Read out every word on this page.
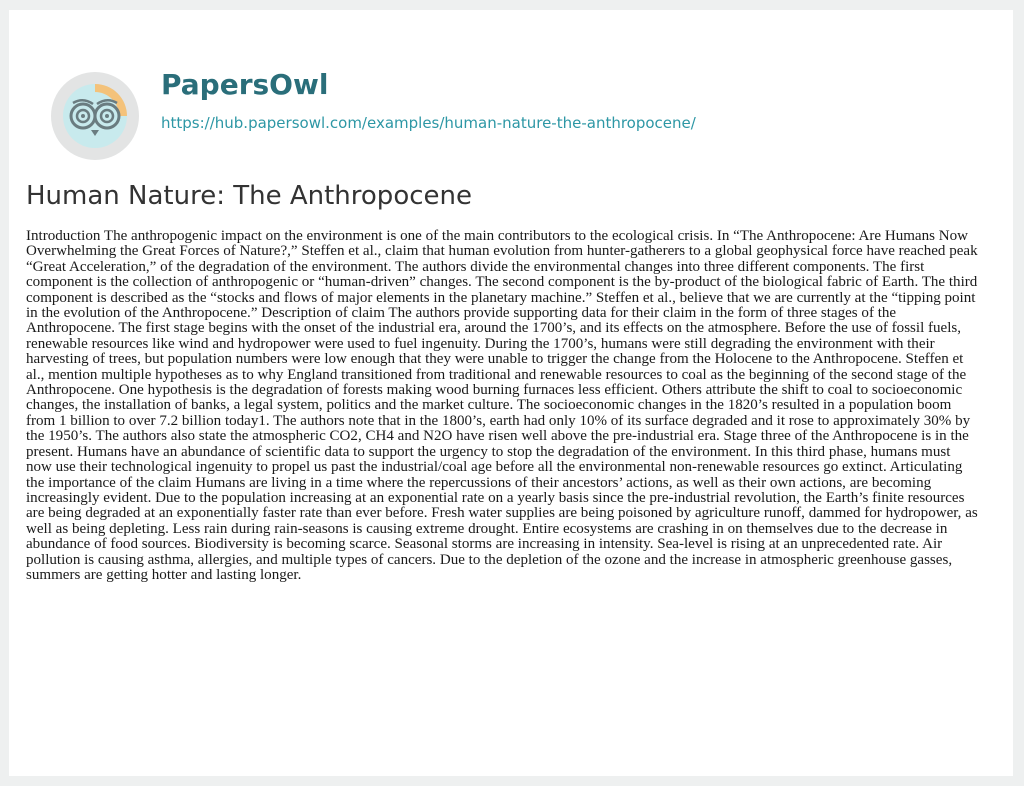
PapersOwl
https://hub.papersowl.com/examples/human-nature-the-anthropocene/
Human Nature: The Anthropocene

Introduction The anthropogenic impact on the environment is one of the main contributors to the ecological crisis. In “The Anthropocene: Are Humans Now Overwhelming the Great Forces of Nature?,” Steffen et al., claim that human evolution from hunter-gatherers to a global geophysical force have reached peak “Great Acceleration,” of the degradation of the environment. The authors divide the environmental changes into three different components. The first component is the collection of anthropogenic or “human-driven” changes. The second component is the by-product of the biological fabric of Earth. The third component is described as the “stocks and flows of major elements in the planetary machine.” Steffen et al., believe that we are currently at the “tipping point in the evolution of the Anthropocene.” Description of claim The authors provide supporting data for their claim in the form of three stages of the Anthropocene. The first stage begins with the onset of the industrial era, around the 1700’s, and its effects on the atmosphere. Before the use of fossil fuels, renewable resources like wind and hydropower were used to fuel ingenuity. During the 1700’s, humans were still degrading the environment with their harvesting of trees, but population numbers were low enough that they were unable to trigger the change from the Holocene to the Anthropocene. Steffen et al., mention multiple hypotheses as to why England transitioned from traditional and renewable resources to coal as the beginning of the second stage of the Anthropocene. One hypothesis is the degradation of forests making wood burning furnaces less efficient. Others attribute the shift to coal to socioeconomic changes, the installation of banks, a legal system, politics and the market culture. The socioeconomic changes in the 1820’s resulted in a population boom from 1 billion to over 7.2 billion today1. The authors note that in the 1800’s, earth had only 10% of its surface degraded and it rose to approximately 30% by the 1950’s. The authors also state the atmospheric CO2, CH4 and N2O have risen well above the pre-industrial era. Stage three of the Anthropocene is in the present. Humans have an abundance of scientific data to support the urgency to stop the degradation of the environment. In this third phase, humans must now use their technological ingenuity to propel us past the industrial/coal age before all the environmental non-renewable resources go extinct. Articulating the importance of the claim Humans are living in a time where the repercussions of their ancestors’ actions, as well as their own actions, are becoming increasingly evident. Due to the population increasing at an exponential rate on a yearly basis since the pre-industrial revolution, the Earth’s finite resources are being degraded at an exponentially faster rate than ever before. Fresh water supplies are being poisoned by agriculture runoff, dammed for hydropower, as well as being depleting. Less rain during rain-seasons is causing extreme drought. Entire ecosystems are crashing in on themselves due to the decrease in abundance of food sources. Biodiversity is becoming scarce. Seasonal storms are increasing in intensity. Sea-level is rising at an unprecedented rate. Air pollution is causing asthma, allergies, and multiple types of cancers. Due to the depletion of the ozone and the increase in atmospheric greenhouse gasses, summers are getting hotter and lasting longer.
